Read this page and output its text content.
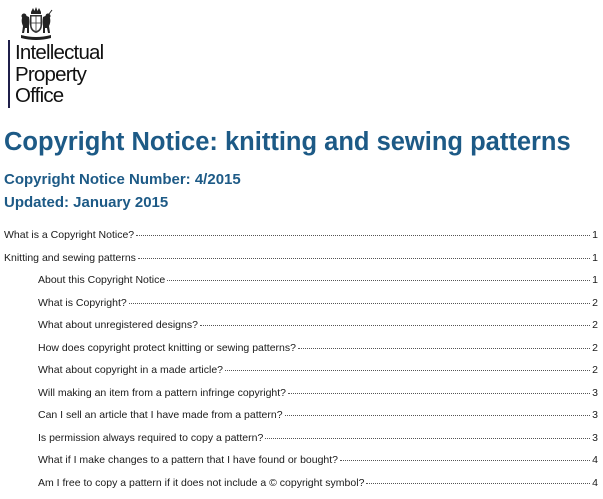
Intellectual
Property
Office
Copyright Notice: knitting and sewing patterns
Copyright Notice Number: 4/2015
Updated: January 2015
What is a Copyright Notice?	1
Knitting and sewing patterns	1
About this Copyright Notice	1
What is Copyright?	2
What about unregistered designs?	2
How does copyright protect knitting or sewing patterns?	2
What about copyright in a made article?	2
Will making an item from a pattern infringe copyright?	3
Can I sell an article that I have made from a pattern?	3
Is permission always required to copy a pattern?	3
What if I make changes to a pattern that I have found or bought?	4
Am I free to copy a pattern if it does not include a © copyright symbol?	4
